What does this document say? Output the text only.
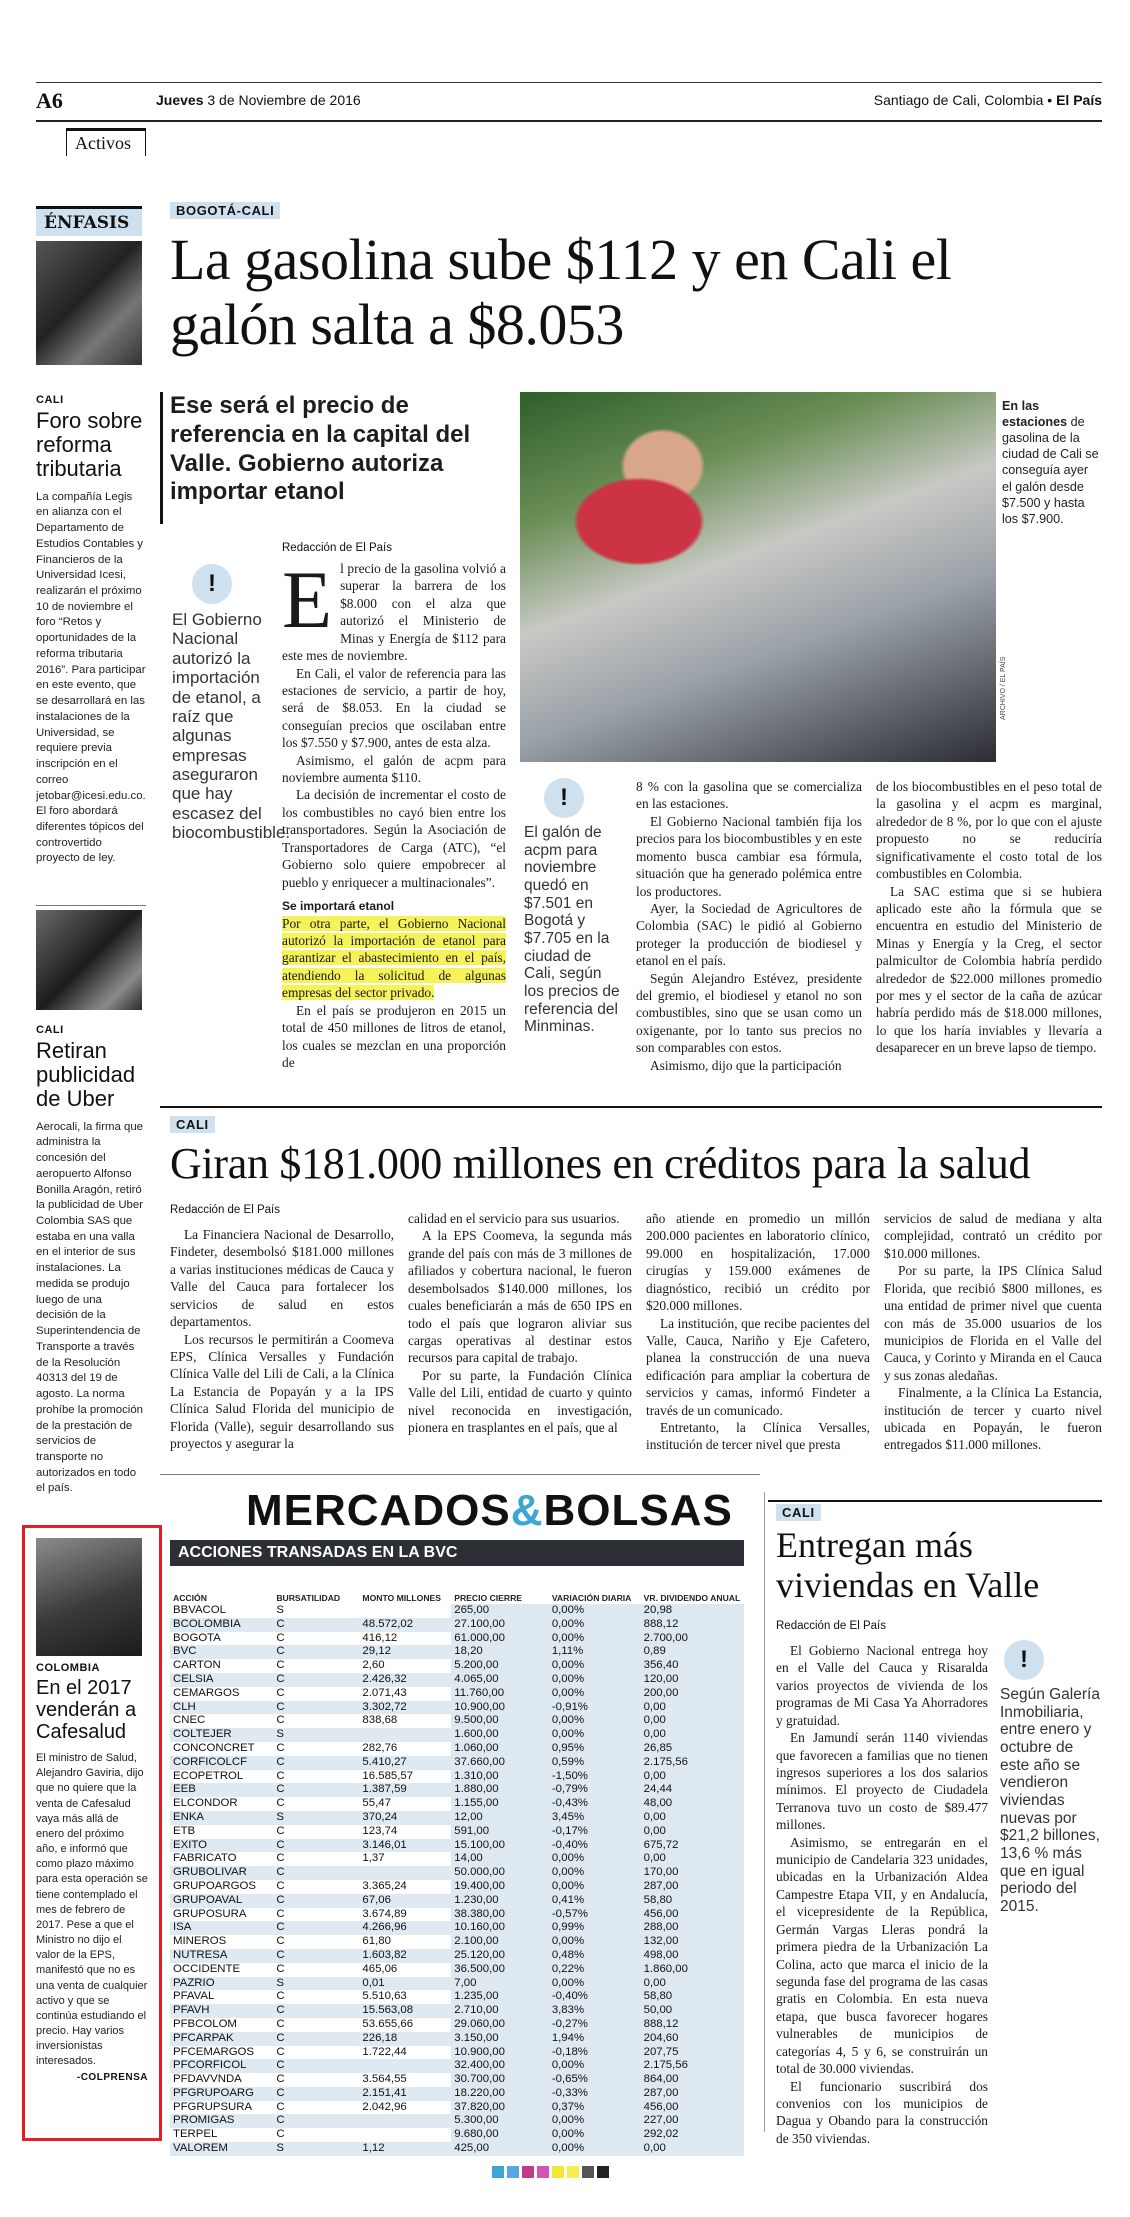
A6	Jueves 3 de Noviembre de 2016	Santiago de Cali, Colombia • El País
Activos
ÉNFASIS
CALI
Foro sobre reforma tributaria
La compañía Legis en alianza con el Departamento de Estudios Contables y Financieros de la Universidad Icesi, realizarán el próximo 10 de noviembre el foro “Retos y oportunidades de la reforma tributaria 2016”. Para participar en este evento, que se desarrollará en las instalaciones de la Universidad, se requiere previa inscripción en el correo jetobar@icesi.edu.co. El foro abordará diferentes tópicos del controvertido proyecto de ley.
CALI
Retiran publicidad de Uber
Aerocali, la firma que administra la concesión del aeropuerto Alfonso Bonilla Aragón, retiró la publicidad de Uber Colombia SAS que estaba en una valla en el interior de sus instalaciones. La medida se produjo luego de una decisión de la Superintendencia de Transporte a través de la Resolución 40313 del 19 de agosto. La norma prohíbe la promoción de la prestación de servicios de transporte no autorizados en todo el país.
COLOMBIA
En el 2017 venderán a Cafesalud
El ministro de Salud, Alejandro Gaviria, dijo que no quiere que la venta de Cafesalud vaya más allá de enero del próximo año, e informó que como plazo máximo para esta operación se tiene contemplado el mes de febrero de 2017. Pese a que el Ministro no dijo el valor de la EPS, manifestó que no es una venta de cualquier activo y que se continúa estudiando el precio. Hay varios inversionistas interesados.
-COLPRENSA
BOGOTÁ-CALI
La gasolina sube $112 y en Cali el galón salta a $8.053
Ese será el precio de referencia en la capital del Valle. Gobierno autoriza importar etanol
En las estaciones de gasolina de la ciudad de Cali se conseguía ayer el galón desde $7.500 y hasta los $7.900.
ARCHIVO / EL PAÍS
Redacción de El País
!
El Gobierno Nacional autorizó la importación de etanol, a raíz que algunas empresas aseguraron que hay escasez del biocombustible.

El precio de la gasolina volvió a superar la barrera de los $8.000 con el alza que autorizó el Ministerio de Minas y Energía de $112 para este mes de noviembre.

En Cali, el valor de referencia para las estaciones de servicio, a partir de hoy, será de $8.053. En la ciudad se conseguían precios que oscilaban entre los $7.550 y $7.900, antes de esta alza.

Asimismo, el galón de acpm para noviembre aumenta $110.

La decisión de incrementar el costo de los combustibles no cayó bien entre los transportadores. Según la Asociación de Transportadores de Carga (ATC), “el Gobierno solo quiere empobrecer al pueblo y enriquecer a multinacionales”.

Se importará etanol

Por otra parte, el Gobierno Nacional autorizó la importación de etanol para garantizar el abastecimiento en el país, atendiendo la solicitud de algunas empresas del sector privado.

En el país se produjeron en 2015 un total de 450 millones de litros de etanol, los cuales se mezclan en una proporción de

!
El galón de acpm para noviembre quedó en $7.501 en Bogotá y $7.705 en la ciudad de Cali, según los precios de referencia del Minminas.

8 % con la gasolina que se comercializa en las estaciones.

El Gobierno Nacional también fija los precios para los biocombustibles y en este momento busca cambiar esa fórmula, situación que ha generado polémica entre los productores.

Ayer, la Sociedad de Agricultores de Colombia (SAC) le pidió al Gobierno proteger la producción de biodiesel y etanol en el país.

Según Alejandro Estévez, presidente del gremio, el biodiesel y etanol no son combustibles, sino que se usan como un oxigenante, por lo tanto sus precios no son comparables con estos.

Asimismo, dijo que la participación

de los biocombustibles en el peso total de la gasolina y el acpm es marginal, alrededor de 8 %, por lo que con el ajuste propuesto no se reduciría significativamente el costo total de los combustibles en Colombia.

La SAC estima que si se hubiera aplicado este año la fórmula que se encuentra en estudio del Ministerio de Minas y Energía y la Creg, el sector palmicultor de Colombia habría perdido alrededor de $22.000 millones promedio por mes y el sector de la caña de azúcar habría perdido más de $18.000 millones, lo que los haría inviables y llevaría a desaparecer en un breve lapso de tiempo.

CALI
Giran $181.000 millones en créditos para la salud
Redacción de El País

La Financiera Nacional de Desarrollo, Findeter, desembolsó $181.000 millones a varias instituciones médicas de Cauca y Valle del Cauca para fortalecer los servicios de salud en estos departamentos.

Los recursos le permitirán a Coomeva EPS, Clínica Versalles y Fundación Clínica Valle del Lili de Cali, a la Clínica La Estancia de Popayán y a la IPS Clínica Salud Florida del municipio de Florida (Valle), seguir desarrollando sus proyectos y asegurar la

calidad en el servicio para sus usuarios.

A la EPS Coomeva, la segunda más grande del país con más de 3 millones de afiliados y cobertura nacional, le fueron desembolsados $140.000 millones, los cuales beneficiarán a más de 650 IPS en todo el país que lograron aliviar sus cargas operativas al destinar estos recursos para capital de trabajo.

Por su parte, la Fundación Clínica Valle del Lili, entidad de cuarto y quinto nivel reconocida en investigación, pionera en trasplantes en el país, que al

año atiende en promedio un millón 200.000 pacientes en laboratorio clínico, 99.000 en hospitalización, 17.000 cirugías y 159.000 exámenes de diagnóstico, recibió un crédito por $20.000 millones.

La institución, que recibe pacientes del Valle, Cauca, Nariño y Eje Cafetero, planea la construcción de una nueva edificación para ampliar la cobertura de servicios y camas, informó Findeter a través de un comunicado.

Entretanto, la Clínica Versalles, institución de tercer nivel que presta

servicios de salud de mediana y alta complejidad, contrató un crédito por $10.000 millones.

Por su parte, la IPS Clínica Salud Florida, que recibió $800 millones, es una entidad de primer nivel que cuenta con más de 35.000 usuarios de los municipios de Florida en el Valle del Cauca, y Corinto y Miranda en el Cauca y sus zonas aledañas.

Finalmente, a la Clínica La Estancia, institución de tercer y cuarto nivel ubicada en Popayán, le fueron entregados $11.000 millones.

MERCADOS&BOLSAS
ACCIONES TRANSADAS EN LA BVC
ACCIÓN	BURSATILIDAD	MONTO MILLONES	PRECIO CIERRE	VARIACIÓN DIARIA	VR. DIVIDENDO ANUAL
BBVACOL	S		265,00	0,00%	20,98
BCOLOMBIA	C	48.572,02	27.100,00	0,00%	888,12
BOGOTA	C	416,12	61.000,00	0,00%	2.700,00
BVC	C	29,12	18,20	1,11%	0,89
CARTON	C	2,60	5.200,00	0,00%	356,40
CELSIA	C	2.426,32	4.065,00	0,00%	120,00
CEMARGOS	C	2.071,43	11.760,00	0,00%	200,00
CLH	C	3.302,72	10.900,00	-0,91%	0,00
CNEC	C	838,68	9.500,00	0,00%	0,00
COLTEJER	S		1.600,00	0,00%	0,00
CONCONCRET	C	282,76	1.060,00	0,95%	26,85
CORFICOLCF	C	5.410,27	37.660,00	0,59%	2.175,56
ECOPETROL	C	16.585,57	1.310,00	-1,50%	0,00
EEB	C	1.387,59	1.880,00	-0,79%	24,44
ELCONDOR	C	55,47	1.155,00	-0,43%	48,00
ENKA	S	370,24	12,00	3,45%	0,00
ETB	C	123,74	591,00	-0,17%	0,00
EXITO	C	3.146,01	15.100,00	-0,40%	675,72
FABRICATO	C	1,37	14,00	0,00%	0,00
GRUBOLIVAR	C		50.000,00	0,00%	170,00
GRUPOARGOS	C	3.365,24	19.400,00	0,00%	287,00
GRUPOAVAL	C	67,06	1.230,00	0,41%	58,80
GRUPOSURA	C	3.674,89	38.380,00	-0,57%	456,00
ISA	C	4.266,96	10.160,00	0,99%	288,00
MINEROS	C	61,80	2.100,00	0,00%	132,00
NUTRESA	C	1.603,82	25.120,00	0,48%	498,00
OCCIDENTE	C	465,06	36.500,00	0,22%	1.860,00
PAZRIO	S	0,01	7,00	0,00%	0,00
PFAVAL	C	5.510,63	1.235,00	-0,40%	58,80
PFAVH	C	15.563,08	2.710,00	3,83%	50,00
PFBCOLOM	C	53.655,66	29.060,00	-0,27%	888,12
PFCARPAK	C	226,18	3.150,00	1,94%	204,60
PFCEMARGOS	C	1.722,44	10.900,00	-0,18%	207,75
PFCORFICOL	C		32.400,00	0,00%	2.175,56
PFDAVVNDA	C	3.564,55	30.700,00	-0,65%	864,00
PFGRUPOARG	C	2.151,41	18.220,00	-0,33%	287,00
PFGRUPSURA	C	2.042,96	37.820,00	0,37%	456,00
PROMIGAS	C		5.300,00	0,00%	227,00
TERPEL	C		9.680,00	0,00%	292,02
VALOREM	S	1,12	425,00	0,00%	0,00
CALI
Entregan más viviendas en Valle
Redacción de El País

El Gobierno Nacional entrega hoy en el Valle del Cauca y Risaralda varios proyectos de vivienda de los programas de Mi Casa Ya Ahorradores y gratuidad.

En Jamundí serán 1140 viviendas que favorecen a familias que no tienen ingresos superiores a los dos salarios mínimos. El proyecto de Ciudadela Terranova tuvo un costo de $89.477 millones.

Asimismo, se entregarán en el municipio de Candelaria 323 unidades, ubicadas en la Urbanización Aldea Campestre Etapa VII, y en Andalucía, el vicepresidente de la República, Germán Vargas Lleras pondrá la primera piedra de la Urbanización La Colina, acto que marca el inicio de la segunda fase del programa de las casas gratis en Colombia. En esta nueva etapa, que busca favorecer hogares vulnerables de municipios de categorías 4, 5 y 6, se construirán un total de 30.000 viviendas.

El funcionario suscribirá dos convenios con los municipios de Dagua y Obando para la construcción de 350 viviendas.

!
Según Galería Inmobiliaria, entre enero y octubre de este año se vendieron viviendas nuevas por $21,2 billones, 13,6 % más que en igual periodo del 2015.
